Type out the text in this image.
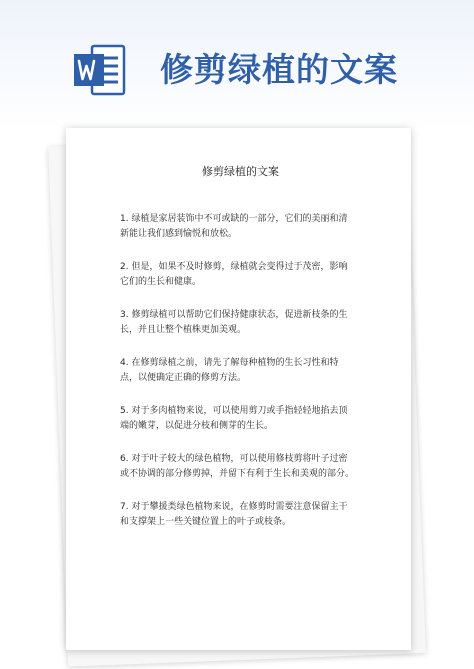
修剪绿植的文案
修剪绿植的文案

1. 绿植是家居装饰中不可或缺的一部分，它们的美丽和清新能让我们感到愉悦和放松。

2. 但是，如果不及时修剪，绿植就会变得过于茂密，影响它们的生长和健康。

3. 修剪绿植可以帮助它们保持健康状态，促进新枝条的生长，并且让整个植株更加美观。

4. 在修剪绿植之前，请先了解每种植物的生长习性和特点，以便确定正确的修剪方法。

5. 对于多肉植物来说，可以使用剪刀或手指轻轻地掐去顶端的嫩芽，以促进分枝和侧芽的生长。

6. 对于叶子较大的绿色植物，可以使用修枝剪将叶子过密或不协调的部分修剪掉，并留下有利于生长和美观的部分。

7. 对于攀援类绿色植物来说，在修剪时需要注意保留主干和支撑架上一些关键位置上的叶子或枝条。
